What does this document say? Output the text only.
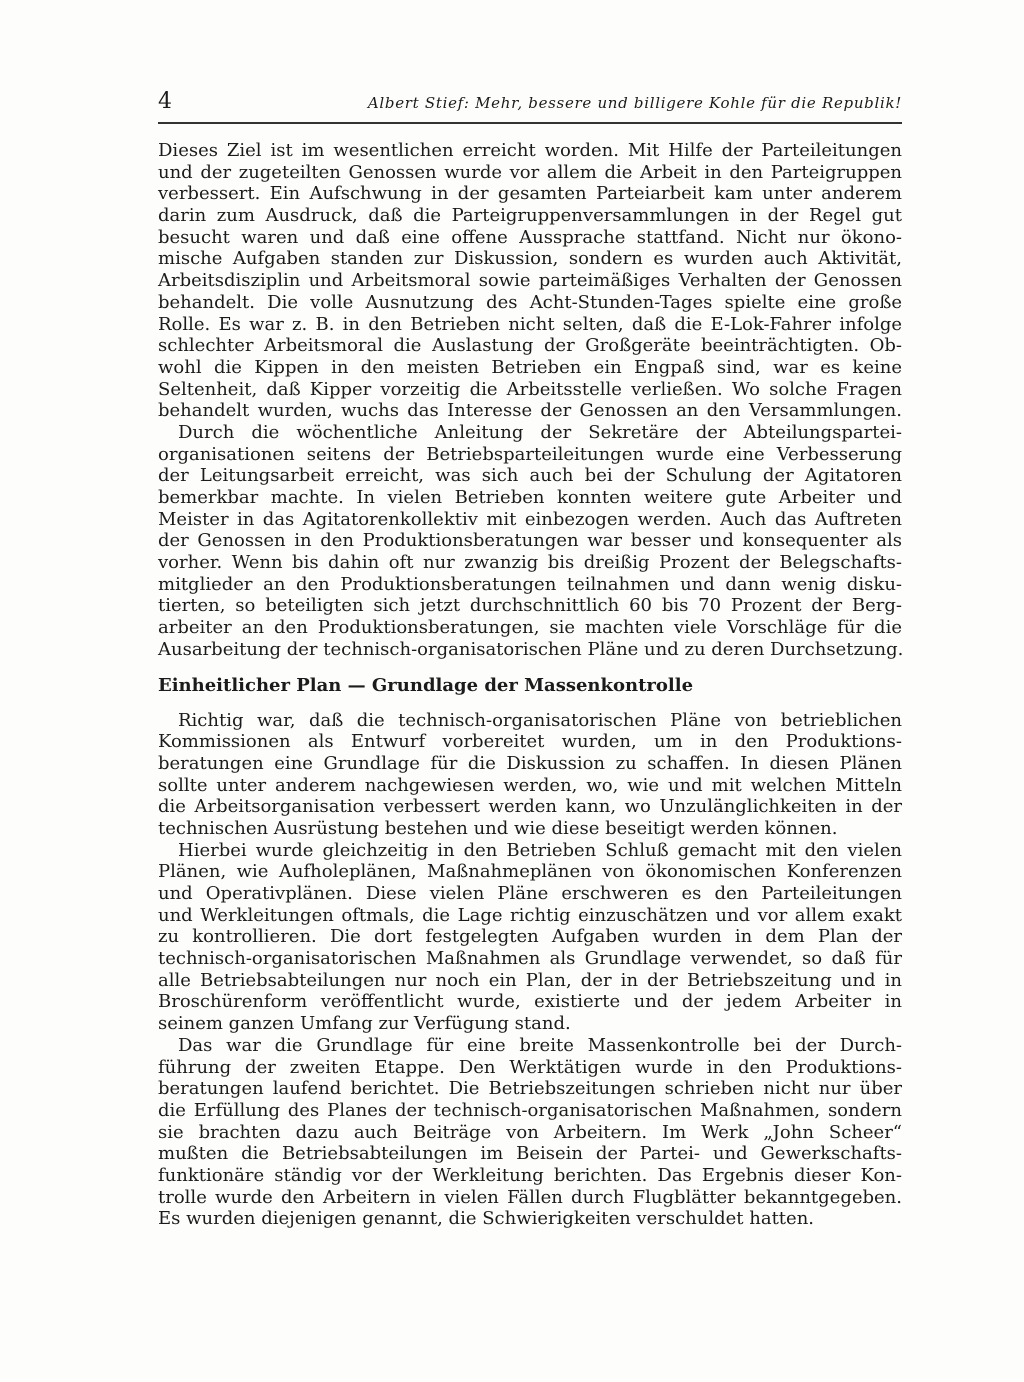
4	Albert Stief: Mehr, bessere und billigere Kohle für die Republik!
Dieses Ziel ist im wesentlichen erreicht worden. Mit Hilfe der Parteileitungen
und der zugeteilten Genossen wurde vor allem die Arbeit in den Parteigruppen
verbessert. Ein Aufschwung in der gesamten Parteiarbeit kam unter anderem
darin zum Ausdruck, daß die Parteigruppenversammlungen in der Regel gut
besucht waren und daß eine offene Aussprache stattfand. Nicht nur ökono-
mische Aufgaben standen zur Diskussion, sondern es wurden auch Aktivität,
Arbeitsdisziplin und Arbeitsmoral sowie parteimäßiges Verhalten der Genossen
behandelt. Die volle Ausnutzung des Acht-Stunden-Tages spielte eine große
Rolle. Es war z. B. in den Betrieben nicht selten, daß die E-Lok-Fahrer infolge
schlechter Arbeitsmoral die Auslastung der Großgeräte beeinträchtigten. Ob-
wohl die Kippen in den meisten Betrieben ein Engpaß sind, war es keine
Seltenheit, daß Kipper vorzeitig die Arbeitsstelle verließen. Wo solche Fragen
behandelt wurden, wuchs das Interesse der Genossen an den Versammlungen.
Durch die wöchentliche Anleitung der Sekretäre der Abteilungspartei-
organisationen seitens der Betriebsparteileitungen wurde eine Verbesserung
der Leitungsarbeit erreicht, was sich auch bei der Schulung der Agitatoren
bemerkbar machte. In vielen Betrieben konnten weitere gute Arbeiter und
Meister in das Agitatorenkollektiv mit einbezogen werden. Auch das Auftreten
der Genossen in den Produktionsberatungen war besser und konsequenter als
vorher. Wenn bis dahin oft nur zwanzig bis dreißig Prozent der Belegschafts-
mitglieder an den Produktionsberatungen teilnahmen und dann wenig disku-
tierten, so beteiligten sich jetzt durchschnittlich 60 bis 70 Prozent der Berg-
arbeiter an den Produktionsberatungen, sie machten viele Vorschläge für die
Ausarbeitung der technisch-organisatorischen Pläne und zu deren Durchsetzung.
Einheitlicher Plan — Grundlage der Massenkontrolle
Richtig war, daß die technisch-organisatorischen Pläne von betrieblichen
Kommissionen als Entwurf vorbereitet wurden, um in den Produktions-
beratungen eine Grundlage für die Diskussion zu schaffen. In diesen Plänen
sollte unter anderem nachgewiesen werden, wo, wie und mit welchen Mitteln
die Arbeitsorganisation verbessert werden kann, wo Unzulänglichkeiten in der
technischen Ausrüstung bestehen und wie diese beseitigt werden können.
Hierbei wurde gleichzeitig in den Betrieben Schluß gemacht mit den vielen
Plänen, wie Aufholeplänen, Maßnahmeplänen von ökonomischen Konferenzen
und Operativplänen. Diese vielen Pläne erschweren es den Parteileitungen
und Werkleitungen oftmals, die Lage richtig einzuschätzen und vor allem exakt
zu kontrollieren. Die dort festgelegten Aufgaben wurden in dem Plan der
technisch-organisatorischen Maßnahmen als Grundlage verwendet, so daß für
alle Betriebsabteilungen nur noch ein Plan, der in der Betriebszeitung und in
Broschürenform veröffentlicht wurde, existierte und der jedem Arbeiter in
seinem ganzen Umfang zur Verfügung stand.
Das war die Grundlage für eine breite Massenkontrolle bei der Durch-
führung der zweiten Etappe. Den Werktätigen wurde in den Produktions-
beratungen laufend berichtet. Die Betriebszeitungen schrieben nicht nur über
die Erfüllung des Planes der technisch-organisatorischen Maßnahmen, sondern
sie brachten dazu auch Beiträge von Arbeitern. Im Werk „John Scheer“
mußten die Betriebsabteilungen im Beisein der Partei- und Gewerkschafts-
funktionäre ständig vor der Werkleitung berichten. Das Ergebnis dieser Kon-
trolle wurde den Arbeitern in vielen Fällen durch Flugblätter bekanntgegeben.
Es wurden diejenigen genannt, die Schwierigkeiten verschuldet hatten.
